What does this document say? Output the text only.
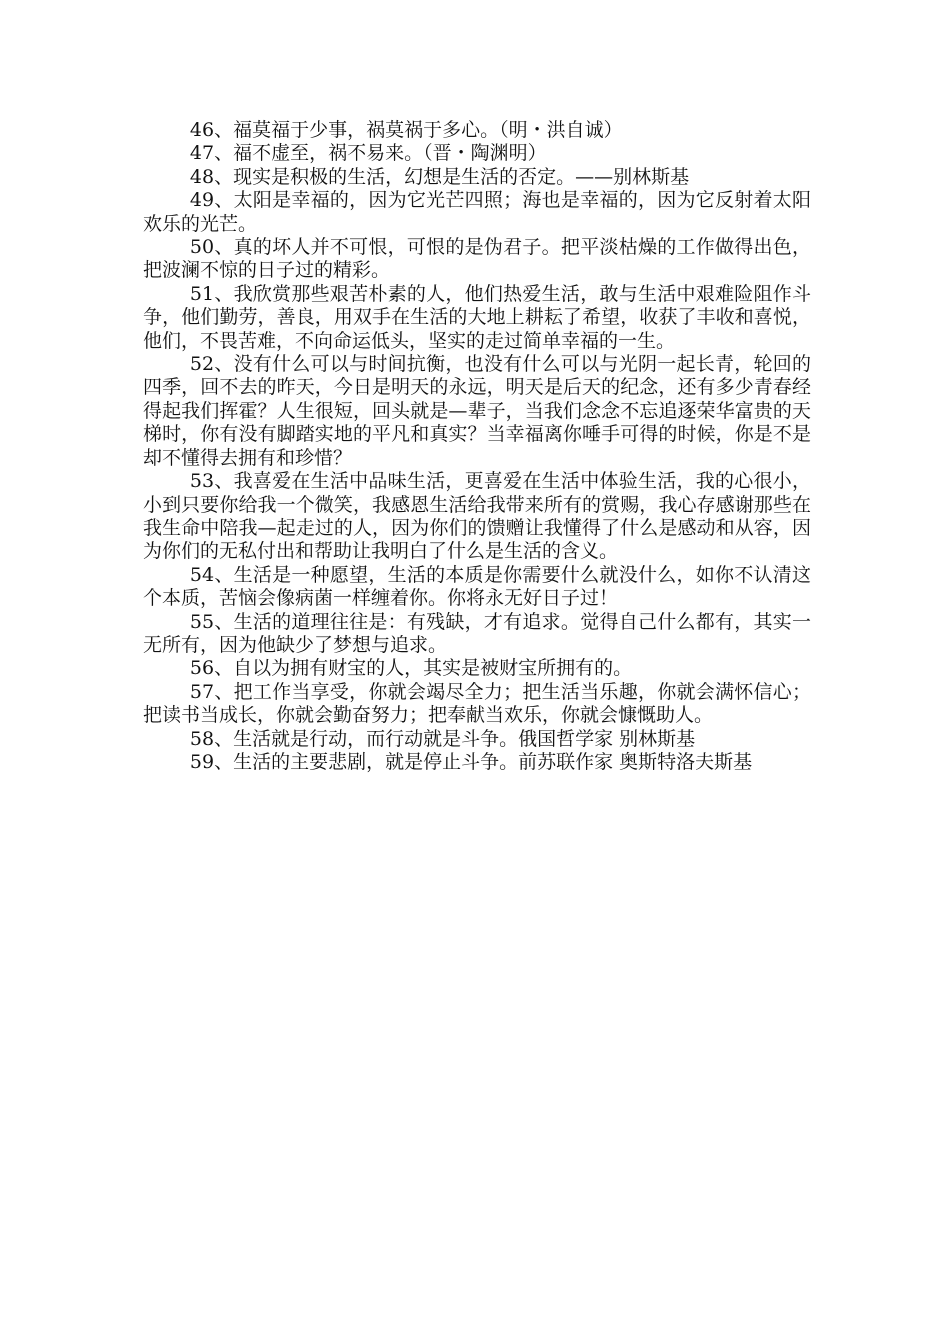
46、福莫福于少事，祸莫祸于多心。（明・洪自诚）

47、福不虚至，祸不易来。（晋・陶渊明）

48、现实是积极的生活，幻想是生活的否定。——别林斯基

49、太阳是幸福的，因为它光芒四照；海也是幸福的，因为它反射着太阳欢乐的光芒。

50、真的坏人并不可恨，可恨的是伪君子。把平淡枯燥的工作做得出色，把波澜不惊的日子过的精彩。

51、我欣赏那些艰苦朴素的人，他们热爱生活，敢与生活中艰难险阻作斗争，他们勤劳，善良，用双手在生活的大地上耕耘了希望，收获了丰收和喜悦，他们，不畏苦难，不向命运低头，坚实的走过简单幸福的一生。

52、没有什么可以与时间抗衡，也没有什么可以与光阴一起长青，轮回的四季，回不去的昨天，今日是明天的永远，明天是后天的纪念，还有多少青春经得起我们挥霍？人生很短，回头就是—辈子，当我们念念不忘追逐荣华富贵的天梯时，你有没有脚踏实地的平凡和真实？当幸福离你唾手可得的时候，你是不是却不懂得去拥有和珍惜？

53、我喜爱在生活中品味生活，更喜爱在生活中体验生活，我的心很小，小到只要你给我一个微笑，我感恩生活给我带来所有的赏赐，我心存感谢那些在我生命中陪我—起走过的人，因为你们的馈赠让我懂得了什么是感动和从容，因为你们的无私付出和帮助让我明白了什么是生活的含义。

54、生活是一种愿望，生活的本质是你需要什么就没什么，如你不认清这个本质，苦恼会像病菌一样缠着你。你将永无好日子过！

55、生活的道理往往是：有残缺，才有追求。觉得自己什么都有，其实一无所有，因为他缺少了梦想与追求。

56、自以为拥有财宝的人，其实是被财宝所拥有的。

57、把工作当享受，你就会竭尽全力；把生活当乐趣，你就会满怀信心；把读书当成长，你就会勤奋努力；把奉献当欢乐，你就会慷慨助人。

58、生活就是行动，而行动就是斗争。俄国哲学家 别林斯基

59、生活的主要悲剧，就是停止斗争。前苏联作家 奥斯特洛夫斯基
